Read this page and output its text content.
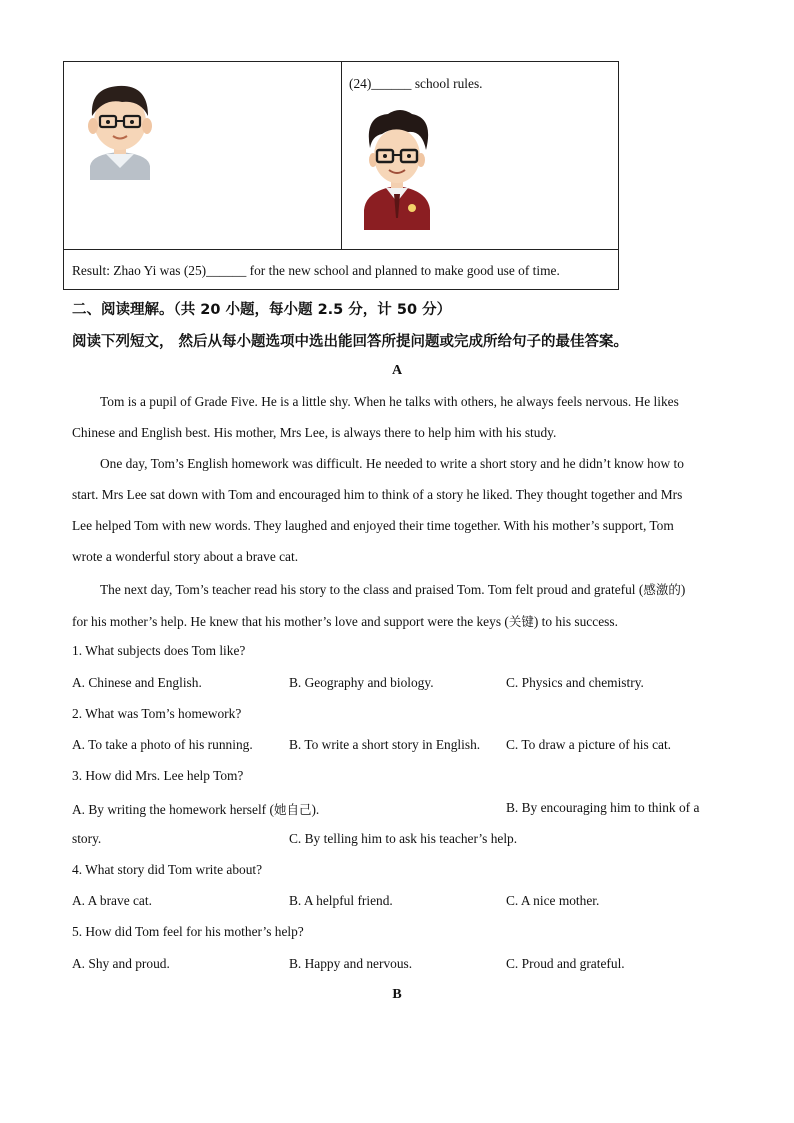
(24)______ school rules.
Result: Zhao Yi was (25)______ for the new school and planned to make good use of time.
二、阅读理解。（共 20 小题，每小题 2.5 分，计 50 分）
阅读下列短文， 然后从每小题选项中选出能回答所提问题或完成所给句子的最佳答案。
A
Tom is a pupil of Grade Five. He is a little shy. When he talks with others, he always feels nervous. He likes
Chinese and English best. His mother, Mrs Lee, is always there to help him with his study.
One day, Tom’s English homework was difficult. He needed to write a short story and he didn’t know how to
start. Mrs Lee sat down with Tom and encouraged him to think of a story he liked. They thought together and Mrs
Lee helped Tom with new words. They laughed and enjoyed their time together. With his mother’s support, Tom
wrote a wonderful story about a brave cat.
The next day, Tom’s teacher read his story to the class and praised Tom. Tom felt proud and grateful (感激的)
for his mother’s help. He knew that his mother’s love and support were the keys (关键) to his success.
1. What subjects does Tom like?
A. Chinese and English.	B. Geography and biology.	C. Physics and chemistry.
2. What was Tom’s homework?
A. To take a photo of his running.	B. To write a short story in English. C. To draw a picture of his cat.
3. How did Mrs. Lee help Tom?
A. By writing the homework herself (她自己).	B. By encouraging him to think of a
story.	C. By telling him to ask his teacher’s help.
4. What story did Tom write about?
A. A brave cat.	B. A helpful friend.	C. A nice mother.
5. How did Tom feel for his mother’s help?
A. Shy and proud.	B. Happy and nervous.	C. Proud and grateful.
B
